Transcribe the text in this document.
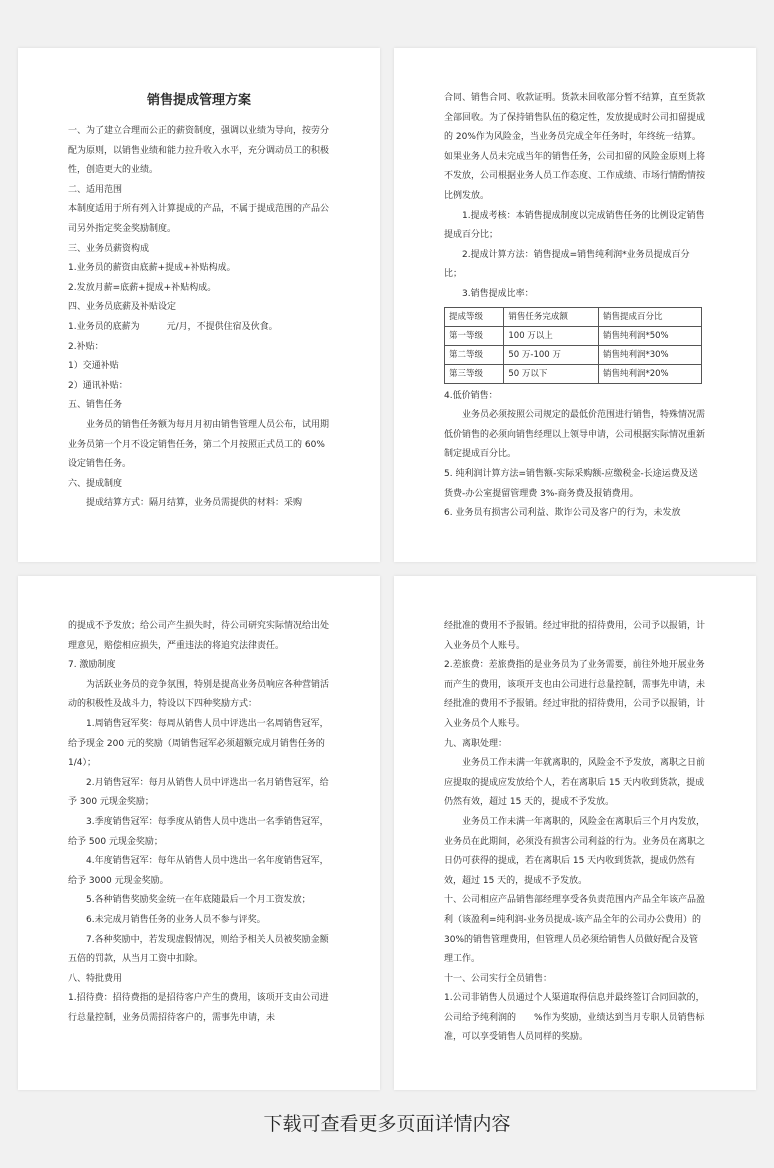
销售提成管理方案

一、为了建立合理而公正的薪资制度，强调以业绩为导向，按劳分配为原则，以销售业绩和能力拉升收入水平，充分调动员工的积极性，创造更大的业绩。

二、适用范围

本制度适用于所有列入计算提成的产品，不属于提成范围的产品公司另外指定奖金奖励制度。

三、业务员薪资构成

1.业务员的薪资由底薪+提成+补贴构成。

2.发放月薪=底薪+提成+补贴构成。

四、业务员底薪及补贴设定

1.业务员的底薪为　　　元/月，不提供住宿及伙食。

2.补贴：

1）交通补贴

2）通讯补贴：

五、销售任务

业务员的销售任务额为每月月初由销售管理人员公布，试用期业务员第一个月不设定销售任务，第二个月按照正式员工的 60%设定销售任务。

六、提成制度

提成结算方式：隔月结算，业务员需提供的材料：采购

合同、销售合同、收款证明。货款未回收部分暂不结算，直至货款全部回收。为了保持销售队伍的稳定性，发放提成时公司扣留提成的 20%作为风险金，当业务员完成全年任务时，年终统一结算。如果业务人员未完成当年的销售任务，公司扣留的风险金原则上将不发放，公司根据业务人员工作态度、工作成绩、市场行情酌情按比例发放。

1.提成考核：本销售提成制度以完成销售任务的比例设定销售提成百分比；

2.提成计算方法：销售提成=销售纯利润*业务员提成百分比；

3.销售提成比率：

提成等级	销售任务完成额	销售提成百分比
第一等级	100 万以上	销售纯利润*50%
第二等级	50 万-100 万	销售纯利润*30%
第三等级	50 万以下	销售纯利润*20%

4.低价销售：

业务员必须按照公司规定的最低价范围进行销售，特殊情况需低价销售的必须向销售经理以上领导申请，公司根据实际情况重新制定提成百分比。

5. 纯利润计算方法=销售额-实际采购额-应缴税金-长途运费及送货费-办公室提留管理费 3%-商务费及报销费用。

6. 业务员有损害公司利益、欺诈公司及客户的行为，未发放

的提成不予发放；给公司产生损失时，待公司研究实际情况给出处理意见，赔偿相应损失，严重违法的将追究法律责任。

7. 激励制度

为活跃业务员的竞争氛围，特别是提高业务员响应各种营销活动的积极性及战斗力，特设以下四种奖励方式：

1.周销售冠军奖：每周从销售人员中评选出一名周销售冠军，给予现金 200 元的奖励（周销售冠军必须超额完成月销售任务的 1/4）；

2.月销售冠军：每月从销售人员中评选出一名月销售冠军，给予 300 元现金奖励；

3.季度销售冠军：每季度从销售人员中选出一名季销售冠军，给予 500 元现金奖励；

4.年度销售冠军：每年从销售人员中选出一名年度销售冠军，给予 3000 元现金奖励。

5.各种销售奖励奖金统一在年底随最后一个月工资发放；

6.未完成月销售任务的业务人员不参与评奖。

7.各种奖励中，若发现虚假情况，则给予相关人员被奖励金额五倍的罚款，从当月工资中扣除。

八、特批费用

1.招待费：招待费指的是招待客户产生的费用，该项开支由公司进行总量控制，业务员需招待客户的，需事先申请，未

经批准的费用不予报销。经过审批的招待费用，公司予以报销，计入业务员个人账号。

2.差旅费：差旅费指的是业务员为了业务需要，前往外地开展业务而产生的费用，该项开支也由公司进行总量控制，需事先申请，未经批准的费用不予报销。经过审批的招待费用，公司予以报销，计入业务员个人账号。

九、离职处理：

业务员工作未满一年就离职的，风险金不予发放，离职之日前应提取的提成应发放给个人，若在离职后 15 天内收到货款，提成仍然有效，超过 15 天的，提成不予发放。

业务员工作未满一年离职的，风险金在离职后三个月内发放，业务员在此期间，必须没有损害公司利益的行为。业务员在离职之日仍可获得的提成，若在离职后 15 天内收到货款，提成仍然有效，超过 15 天的，提成不予发放。

十、公司相应产品销售部经理享受各负责范围内产品全年该产品盈利（该盈利=纯利润-业务员提成-该产品全年的公司办公费用）的 30%的销售管理费用，但管理人员必须给销售人员做好配合及管理工作。

十一、公司实行全员销售：

1.公司非销售人员通过个人渠道取得信息并最终签订合同回款的，公司给予纯利润的　　%作为奖励，业绩达到当月专职人员销售标准，可以享受销售人员同样的奖励。

下载可查看更多页面详情内容
